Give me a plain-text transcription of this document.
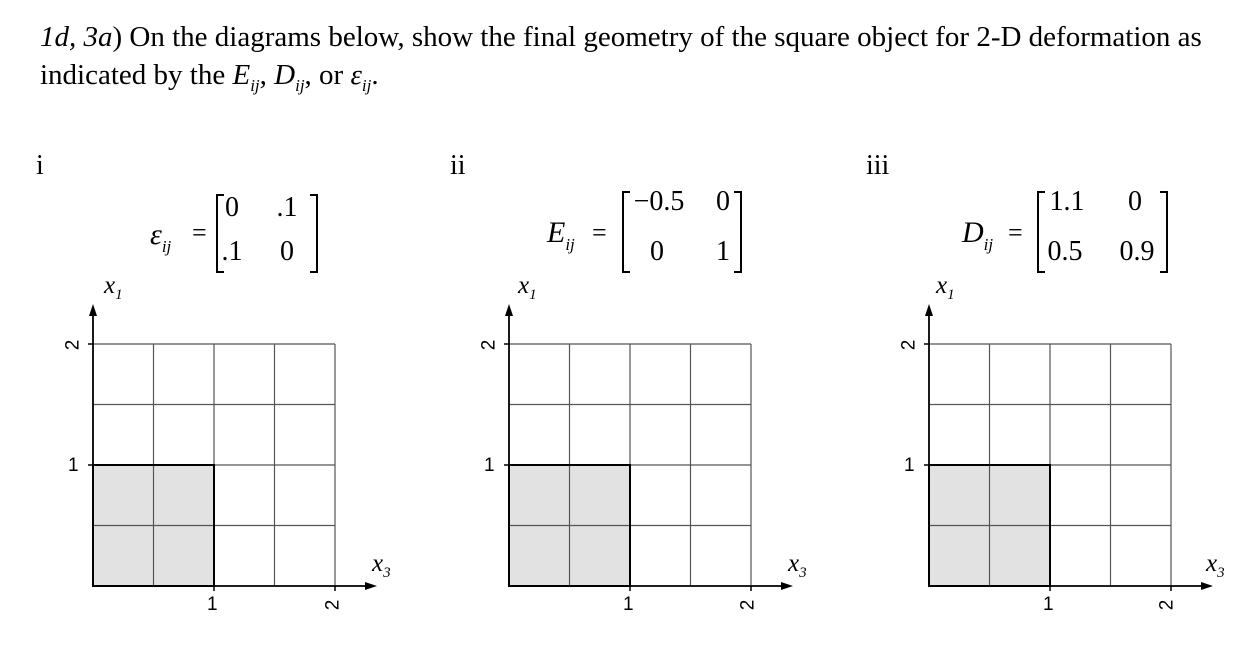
1d, 3a) On the diagrams below, show the final geometry of the square object for 2-D deformation as indicated by the $E_{ij}$, $D_{ij}$, or $\varepsilon_{ij}$.
i
$\varepsilon_{ij}$ =
0	.1
.1	0
$x_1$
$x_3$
2
1
1	2
ii
$E_{ij}$ =
−0.5	0
0	1
$x_1$
$x_3$
2
1
1	2
iii
$D_{ij}$ =
1.1	0
0.5	0.9
$x_1$
$x_3$
2
1
1	2
